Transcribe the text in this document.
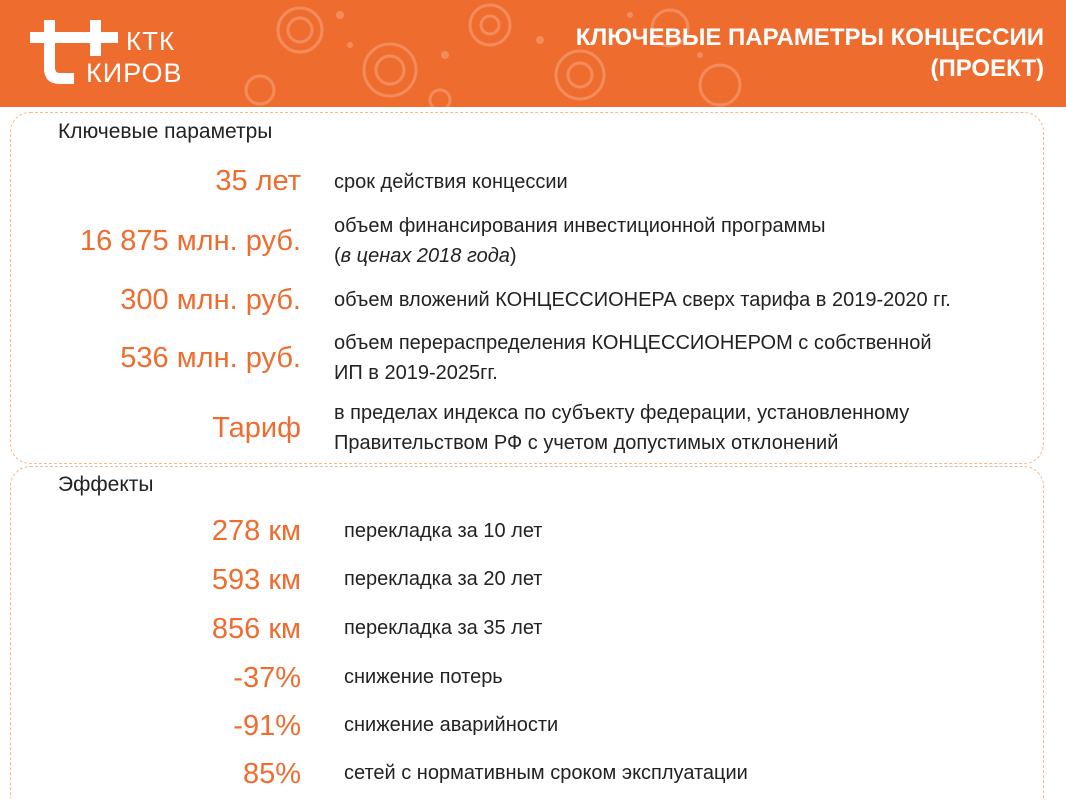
КТК
КИРОВ
КЛЮЧЕВЫЕ ПАРАМЕТРЫ КОНЦЕССИИ
(ПРОЕКТ)
Ключевые параметры
35 лет срок действия концессии
16 875 млн. руб. объем финансирования инвестиционной программы
(в ценах 2018 года)
300 млн. руб. объем вложений КОНЦЕССИОНЕРА сверх тарифа в 2019-2020 гг.
536 млн. руб. объем перераспределения КОНЦЕССИОНЕРОМ с собственной
ИП в 2019-2025гг.
Тариф в пределах индекса по субъекту федерации, установленному
Правительством РФ с учетом допустимых отклонений
Эффекты
278 км перекладка за 10 лет
593 км перекладка за 20 лет
856 км перекладка за 35 лет
-37% снижение потерь
-91% снижение аварийности
85% сетей с нормативным сроком эксплуатации
